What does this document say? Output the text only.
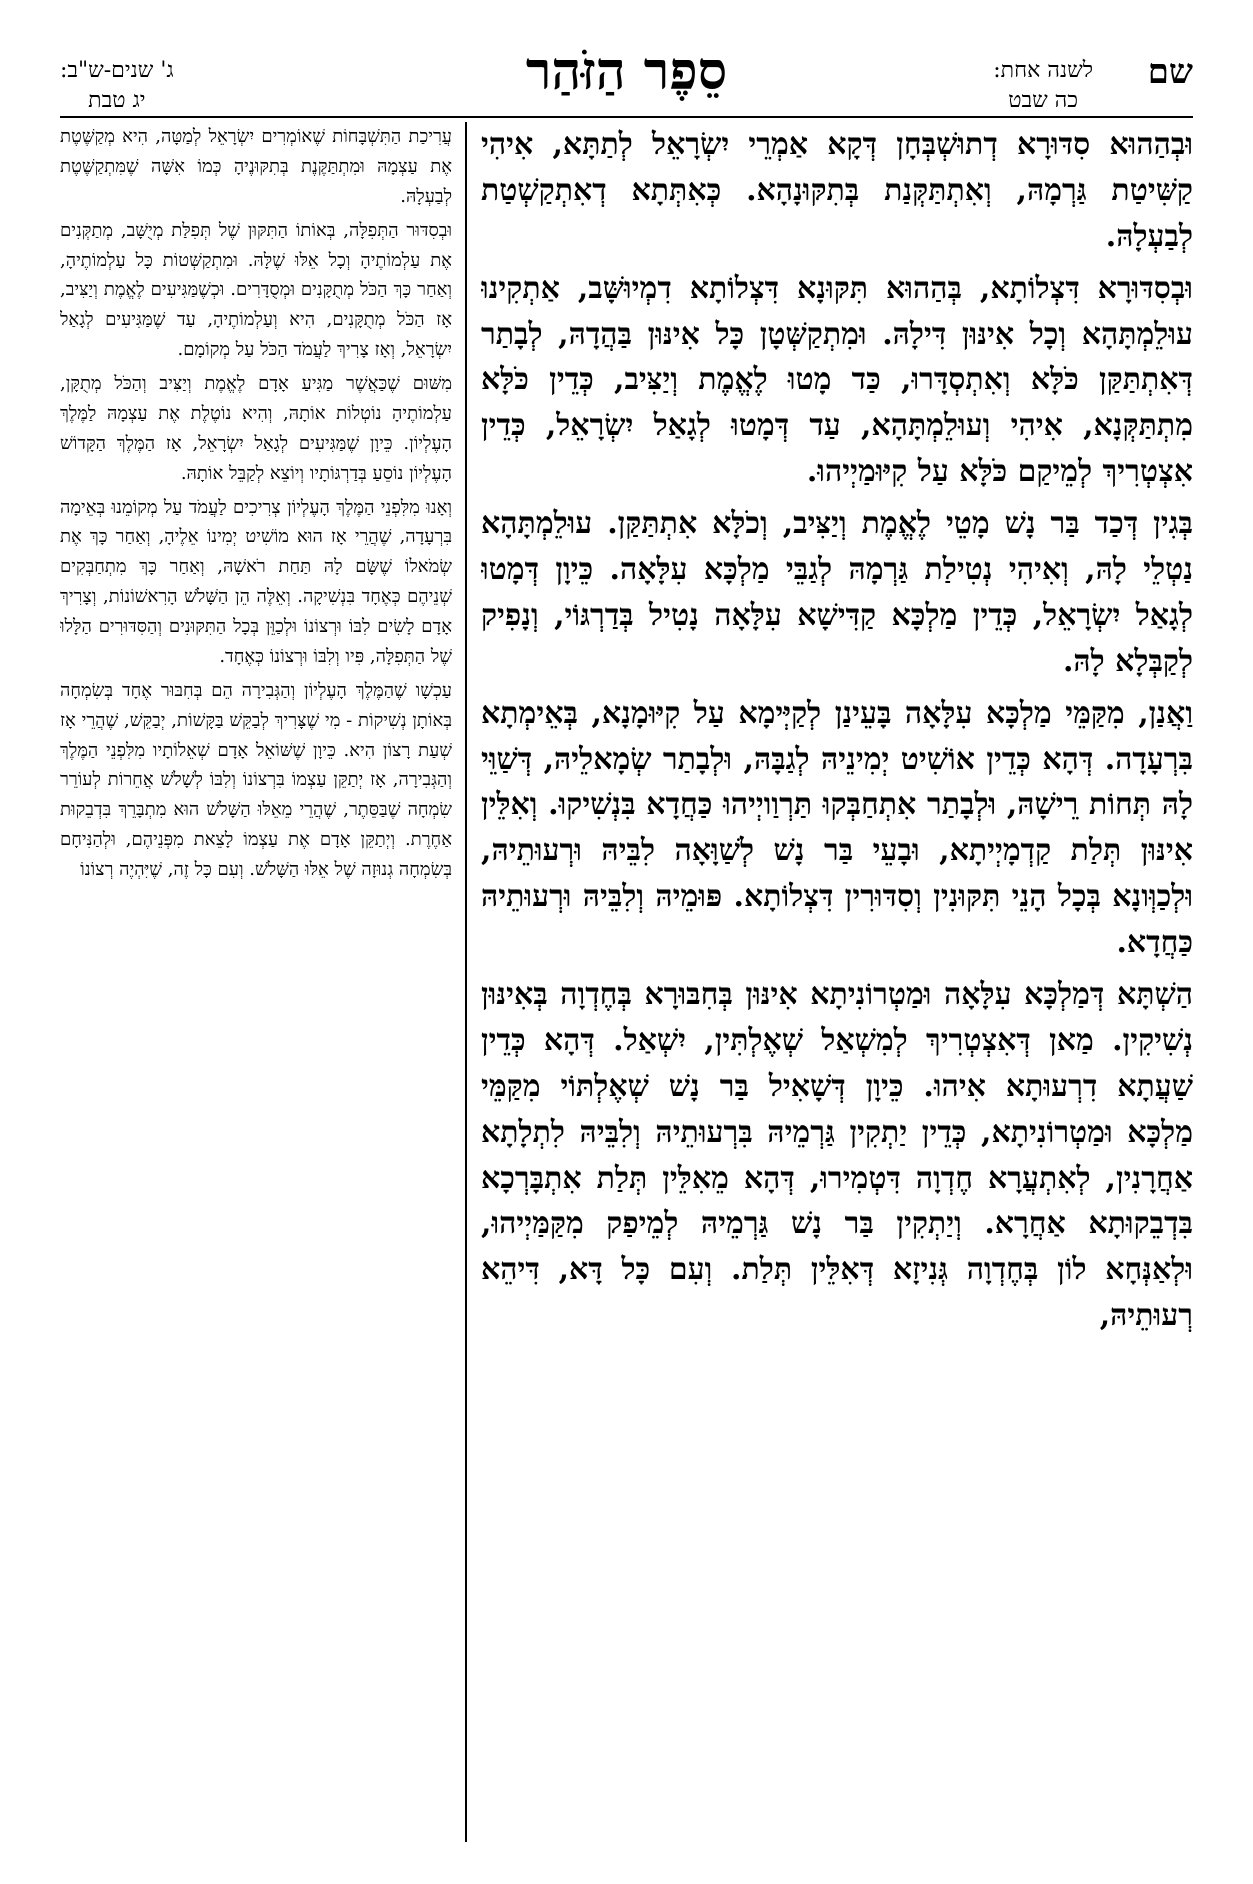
שם
לשנה אחת:
כה שבט
סֵפֶר הַזֹּהַר
ג' שנים-ש"ב:
יג טבת

וּבְהַהוּא סִדּוּרָא דְתוּשְׁבְּחָן דְּקָא אַמְרֵי יִשְׂרָאֵל לְתַתָּא, אִיהִי קַשִּׁיטַת גַּרְמָהּ, וְאִתְתַּקְּנַת בְּתִקּוּנָהָא. כְּאִתְּתָא דְאִתְקַשְׁטַת לְבַעְלָהּ.

וּבְסִדּוּרָא דִּצְלוֹתָא, בְּהַהוּא תִּקּוּנָא דִּצְלוֹתָא דִמְיוּשָּׁב, אַתְקִינוּ עוּלֵמְתָּהָא וְכָל אִינּוּן דִּילָהּ. וּמִתְקַשְּׁטָן כָּל אִינּוּן בַּהֲדָהּ, לְבָתַר דְּאִתְתַּקַּן כֹּלָּא וְאִתְסְדָּרוּ, כַּד מָטוּ לֶאֱמֶת וְיַצִּיב, כְּדֵין כֹּלָּא מִתְתַּקְּנָא, אִיהִי וְעוּלֵמְתָּהָא, עַד דְּמָטוּ לְגָאַל יִשְׂרָאֵל, כְּדֵין אִצְטְרִיךְ לְמֵיקַם כֹּלָּא עַל קִיּוּמַיְיהוּ.

בְּגִין דְּכַד בַּר נָשׁ מָטֵי לֶאֱמֶת וְיַצִּיב, וְכֹלָּא אִתְתַּקַּן. עוּלֵמְתָּהָא נַטְלֵי לָהּ, וְאִיהִי נְטִילַת גַּרְמָהּ לְגַבֵּי מַלְכָּא עִלָּאָה. כֵּיוָן דְּמָטוּ לְגָאַל יִשְׂרָאֵל, כְּדֵין מַלְכָּא קַדִּישָׁא עִלָּאָה נָטִיל בְּדַרְגּוֹי, וְנָפִיק לְקַבְּלָא לָהּ.

וַאֲנַן, מִקַּמֵּי מַלְכָּא עִלָּאָה בָּעֵינַן לְקַיְּימָא עַל קִיּוּמָנָא, בְּאֵימְתָא בִּרְעָדָה. דְּהָא כְּדֵין אוֹשִׁיט יְמִינֵיהּ לְגַבָּהּ, וּלְבָתַר שְׂמָאלֵיהּ, דְּשַׁוֵּי לָהּ תְּחוֹת רֵישָׁהּ, וּלְבָתַר אִתְחַבְּקוּ תַּרְוַויְיהוּ כַּחֲדָא בִּנְשִׁיקוּ. וְאִלֵּין אִינּוּן תְּלַת קַדְמָיְיתָא, וּבָעֵי בַּר נָשׁ לְשַׁוָּאָה לִבֵּיהּ וּרְעוּתֵיהּ, וּלְכַוְּונָא בְּכָל הָנֵי תִּקּוּנִין וְסִדּוּרִין דִּצְלוֹתָא. פּוּמֵיהּ וְלִבֵּיהּ וּרְעוּתֵיהּ כַּחֲדָא.

הַשְׁתָּא דְּמַלְכָּא עִלָּאָה וּמַטְרוֹנִיתָא אִינּוּן בְּחִבּוּרָא בְּחֶדְוָה בְּאִינּוּן נְשִׁיקִין. מַאן דְּאִצְטְרִיךְ לְמִשְׁאַל שְׁאֶלְתִּין, יִשְׁאַל. דְּהָא כְּדֵין שַׁעֲתָא דִרְעוּתָא אִיהוּ. כֵּיוָן דְּשָׁאִיל בַּר נָשׁ שְׁאֶלְתּוֹי מִקַּמֵּי מַלְכָּא וּמַטְרוֹנִיתָא, כְּדֵין יַתְקִין גַּרְמֵיהּ בִּרְעוּתֵיהּ וְלִבֵּיהּ לִתְלָתָא אַחֲרָנִין, לְאִתְעֲרָא חֶדְוָה דִּטְמִירוּ, דְּהָא מֵאִלֵּין תְּלַת אִתְבָּרְכָא בִּדְבֵקוּתָא אַחֲרָא. וְיַתְקִין בַּר נָשׁ גַּרְמֵיהּ לְמֵיפַק מִקַּמַּיְיהוּ, וּלְאַנְּחָא לוֹן בְּחֶדְוָה גְּנִיזָא דְּאִלֵּין תְּלַת. וְעִם כָּל דָּא, דִּיהֵא רְעוּתֵיהּ,

עֲרִיכַת הַתִּשְׁבָּחוֹת שֶׁאוֹמְרִים יִשְׂרָאֵל לְמַטָּה, הִיא מְקַשֶּׁטֶת אֶת עַצְמָהּ וּמִתְתַּקֶּנֶת בְּתִקּוּנֶיהָ כְּמוֹ אִשָּׁה שֶׁמִּתְקַשֶּׁטֶת לְבַעְלָהּ.

וּבְסִדּוּר הַתְּפִלָּה, בְּאוֹתוֹ הַתִּקּוּן שֶׁל תְּפִלַּת מְיֻשָּׁב, מְתַקְּנִים אֶת עַלְמוֹתֶיהָ וְכָל אֵלּוּ שֶׁלָּהּ. וּמִתְקַשְּׁטוֹת כָּל עַלְמוֹתֶיהָ, וְאַחַר כָּךְ הַכֹּל מְתֻקָּנִים וּמְסֻדָּרִים. וּכְשֶׁמַּגִּיעִים לֶאֱמֶת וְיַצִּיב, אָז הַכֹּל מְתֻקָּנִים, הִיא וְעַלְמוֹתֶיהָ, עַד שֶׁמַּגִּיעִים לְגָאַל יִשְׂרָאֵל, וְאָז צָרִיךְ לַעֲמֹד הַכֹּל עַל מְקוֹמָם.

מִשּׁוּם שֶׁכַּאֲשֶׁר מַגִּיעַ אָדָם לֶאֱמֶת וְיַצִּיב וְהַכֹּל מְתֻקָּן, עַלְמוֹתֶיהָ נוֹטְלוֹת אוֹתָהּ, וְהִיא נוֹטֶלֶת אֶת עַצְמָהּ לַמֶּלֶךְ הָעֶלְיוֹן. כֵּיוָן שֶׁמַּגִּיעִים לְגָאַל יִשְׂרָאֵל, אָז הַמֶּלֶךְ הַקָּדוֹשׁ הָעֶלְיוֹן נוֹסֵעַ בְּדַרְגּוֹתָיו וְיוֹצֵא לְקַבֵּל אוֹתָהּ.

וְאָנוּ מִלִּפְנֵי הַמֶּלֶךְ הָעֶלְיוֹן צְרִיכִים לַעֲמֹד עַל מְקוֹמֵנוּ בְּאֵימָה בִּרְעָדָה, שֶׁהֲרֵי אָז הוּא מוֹשִׁיט יְמִינוֹ אֵלֶיהָ, וְאַחַר כָּךְ אֶת שְׂמֹאלוֹ שֶׁשָּׂם לָהּ תַּחַת רֹאשָׁהּ, וְאַחַר כָּךְ מִתְחַבְּקִים שְׁנֵיהֶם כְּאֶחָד בִּנְשִׁיקָה. וְאֵלֶּה הֵן הַשָּׁלֹשׁ הָרִאשׁוֹנוֹת, וְצָרִיךְ אָדָם לָשִׂים לִבּוֹ וּרְצוֹנוֹ וּלְכַוֵּן בְּכָל הַתִּקּוּנִים וְהַסִּדּוּרִים הַלָּלוּ שֶׁל הַתְּפִלָּה, פִּיו וְלִבּוֹ וּרְצוֹנוֹ כְּאֶחָד.

עַכְשָׁו שֶׁהַמֶּלֶךְ הָעֶלְיוֹן וְהַגְּבִירָה הֵם בְּחִבּוּר אֶחָד בְּשִׂמְחָה בְּאוֹתָן נְשִׁיקוֹת - מִי שֶׁצָּרִיךְ לְבַקֵּשׁ בַּקָּשׁוֹת, יְבַקֵּשׁ, שֶׁהֲרֵי אָז שְׁעַת רָצוֹן הִיא. כֵּיוָן שֶׁשּׁוֹאֵל אָדָם שְׁאֵלוֹתָיו מִלִּפְנֵי הַמֶּלֶךְ וְהַגְּבִירָה, אָז יְתַקֵּן עַצְמוֹ בִּרְצוֹנוֹ וְלִבּוֹ לְשָׁלֹשׁ אֲחֵרוֹת לְעוֹרֵר שִׂמְחָה שֶׁבַּסֵּתֶר, שֶׁהֲרֵי מֵאֵלּוּ הַשָּׁלֹשׁ הוּא מִתְבָּרֵךְ בִּדְבֵקוּת אַחֶרֶת. וְיְתַקֵּן אָדָם אֶת עַצְמוֹ לָצֵאת מִפְּנֵיהֶם, וּלְהַנִּיחָם בְּשִׂמְחָה גְנוּזָה שֶׁל אֵלּוּ הַשָּׁלֹשׁ. וְעִם כָּל זֶה, שֶׁיִּהְיֶה רְצוֹנוֹ
